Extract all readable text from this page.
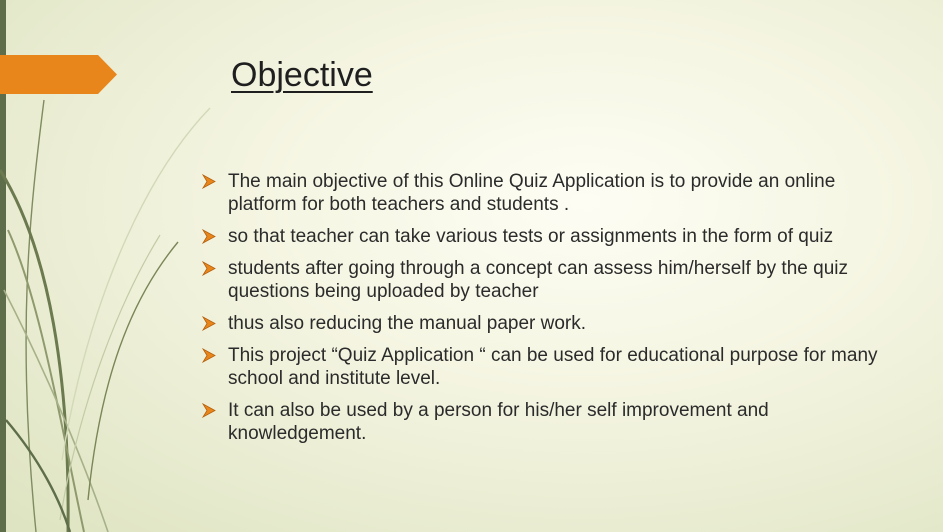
Objective
The main objective of this Online Quiz Application is to provide an online platform for both teachers and students .
so that teacher can take various tests or assignments in the form of quiz
students after going through a concept can assess him/herself by the quiz questions being uploaded by teacher
thus also reducing the manual paper work.
This project “Quiz Application “ can be used for educational purpose for many school and institute level.
It can also be used by a person for his/her self improvement and knowledgement.
